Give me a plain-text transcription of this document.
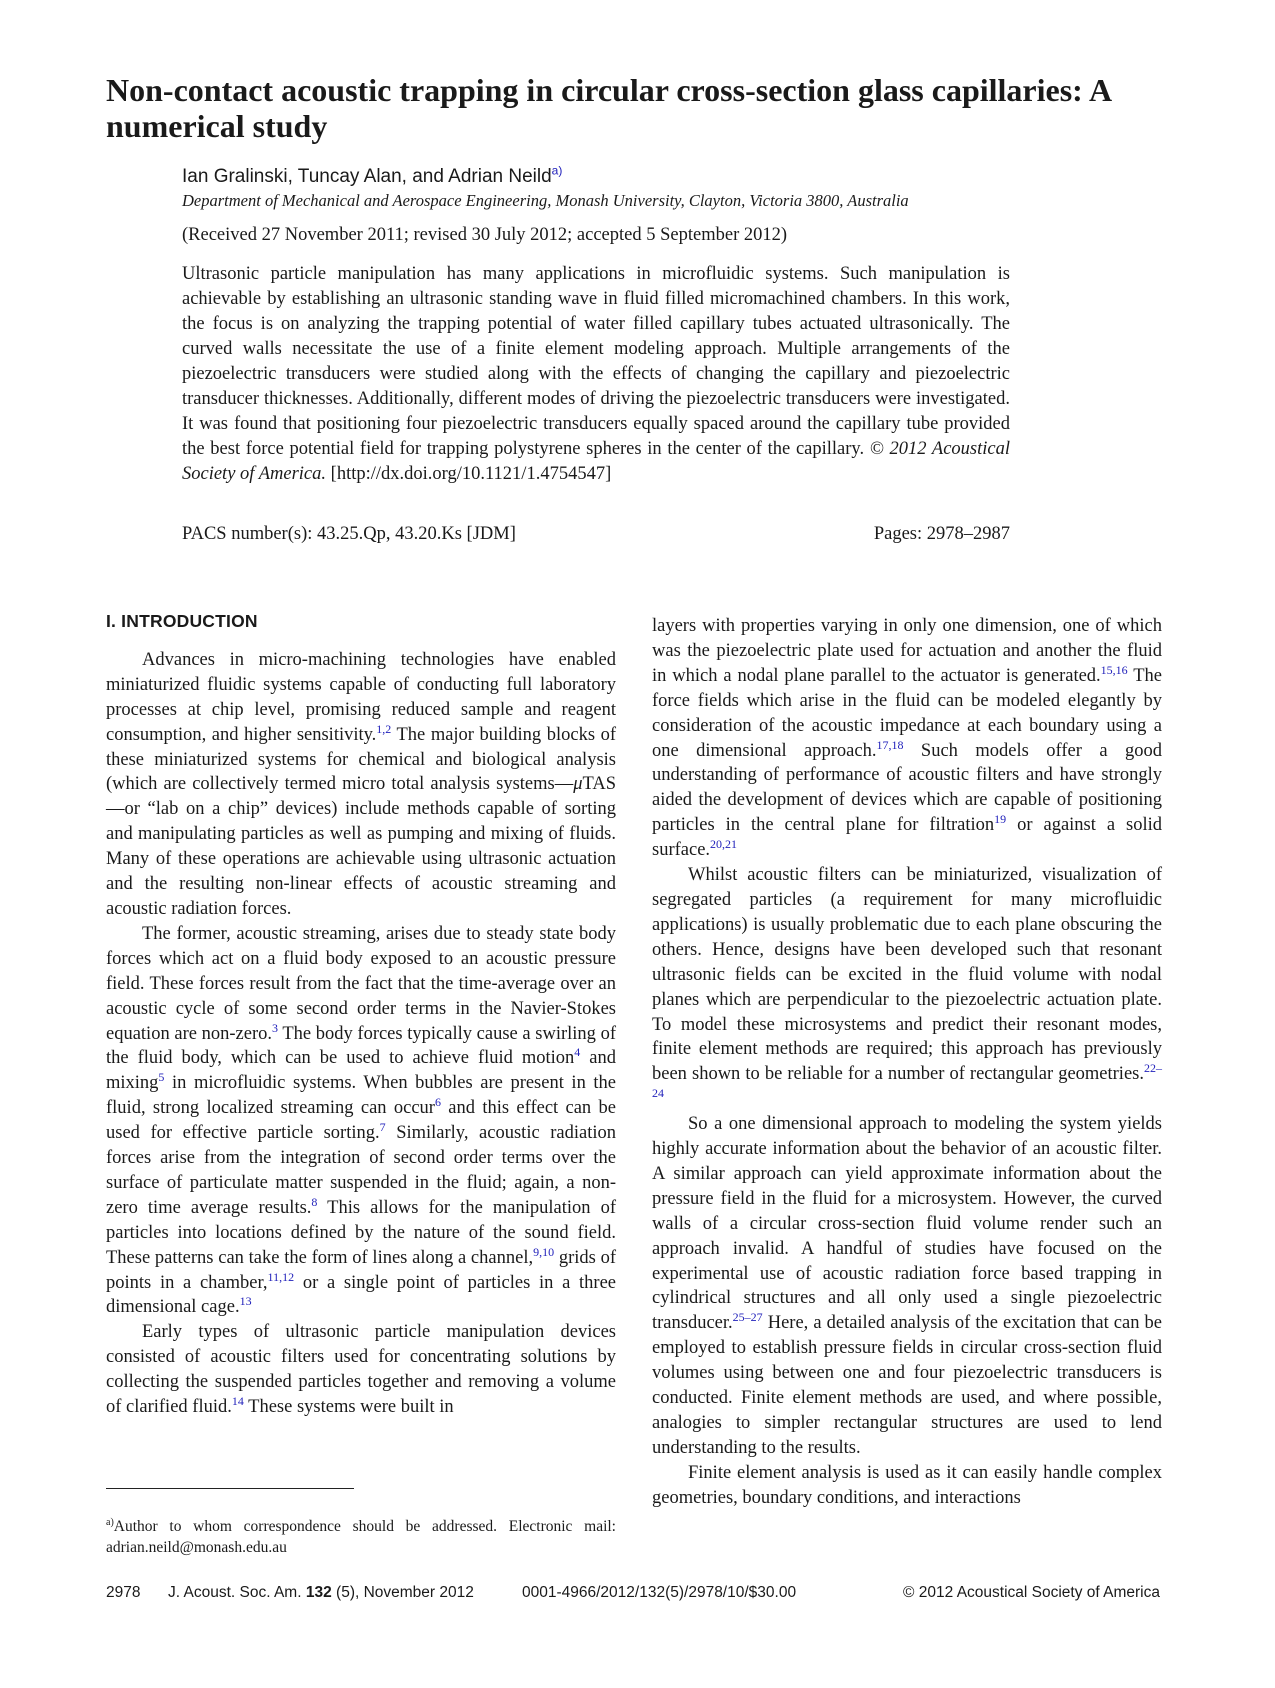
Non-contact acoustic trapping in circular cross-section glass capillaries: A numerical study
Ian Gralinski, Tuncay Alan, and Adrian Neild$^{a)}$
Department of Mechanical and Aerospace Engineering, Monash University, Clayton, Victoria 3800, Australia
(Received 27 November 2011; revised 30 July 2012; accepted 5 September 2012)

Ultrasonic particle manipulation has many applications in microfluidic systems. Such manipulation is achievable by establishing an ultrasonic standing wave in fluid filled micromachined chambers. In this work, the focus is on analyzing the trapping potential of water filled capillary tubes actuated ultrasonically. The curved walls necessitate the use of a finite element modeling approach. Multiple arrangements of the piezoelectric transducers were studied along with the effects of changing the capillary and piezoelectric transducer thicknesses. Additionally, different modes of driving the piezoelectric transducers were investigated. It was found that positioning four piezoelectric transducers equally spaced around the capillary tube provided the best force potential field for trapping polystyrene spheres in the center of the capillary. © 2012 Acoustical Society of America. [http://dx.doi.org/10.1121/1.4754547]

PACS number(s): 43.25.Qp, 43.20.Ks [JDM]	Pages: 2978–2987
I. INTRODUCTION

Advances in micro-machining technologies have enabled miniaturized fluidic systems capable of conducting full laboratory processes at chip level, promising reduced sample and reagent consumption, and higher sensitivity.$^{1,2}$ The major building blocks of these miniaturized systems for chemical and biological analysis (which are collectively termed micro total analysis systems—μTAS—or “lab on a chip” devices) include methods capable of sorting and manipulating particles as well as pumping and mixing of fluids. Many of these operations are achievable using ultrasonic actuation and the resulting non-linear effects of acoustic streaming and acoustic radiation forces.

The former, acoustic streaming, arises due to steady state body forces which act on a fluid body exposed to an acoustic pressure field. These forces result from the fact that the time-average over an acoustic cycle of some second order terms in the Navier-Stokes equation are non-zero.$^3$ The body forces typically cause a swirling of the fluid body, which can be used to achieve fluid motion$^4$ and mixing$^5$ in microfluidic systems. When bubbles are present in the fluid, strong localized streaming can occur$^6$ and this effect can be used for effective particle sorting.$^7$ Similarly, acoustic radiation forces arise from the integration of second order terms over the surface of particulate matter suspended in the fluid; again, a non-zero time average results.$^8$ This allows for the manipulation of particles into locations defined by the nature of the sound field. These patterns can take the form of lines along a channel,$^{9,10}$ grids of points in a chamber,$^{11,12}$ or a single point of particles in a three dimensional cage.$^{13}$

Early types of ultrasonic particle manipulation devices consisted of acoustic filters used for concentrating solutions by collecting the suspended particles together and removing a volume of clarified fluid.$^{14}$ These systems were built in

layers with properties varying in only one dimension, one of which was the piezoelectric plate used for actuation and another the fluid in which a nodal plane parallel to the actuator is generated.$^{15,16}$ The force fields which arise in the fluid can be modeled elegantly by consideration of the acoustic impedance at each boundary using a one dimensional approach.$^{17,18}$ Such models offer a good understanding of performance of acoustic filters and have strongly aided the development of devices which are capable of positioning particles in the central plane for filtration$^{19}$ or against a solid surface.$^{20,21}$

Whilst acoustic filters can be miniaturized, visualization of segregated particles (a requirement for many microfluidic applications) is usually problematic due to each plane obscuring the others. Hence, designs have been developed such that resonant ultrasonic fields can be excited in the fluid volume with nodal planes which are perpendicular to the piezoelectric actuation plate. To model these microsystems and predict their resonant modes, finite element methods are required; this approach has previously been shown to be reliable for a number of rectangular geometries.$^{22-24}$

So a one dimensional approach to modeling the system yields highly accurate information about the behavior of an acoustic filter. A similar approach can yield approximate information about the pressure field in the fluid for a microsystem. However, the curved walls of a circular cross-section fluid volume render such an approach invalid. A handful of studies have focused on the experimental use of acoustic radiation force based trapping in cylindrical structures and all only used a single piezoelectric transducer.$^{25-27}$ Here, a detailed analysis of the excitation that can be employed to establish pressure fields in circular cross-section fluid volumes using between one and four piezoelectric transducers is conducted. Finite element methods are used, and where possible, analogies to simpler rectangular structures are used to lend understanding to the results.

Finite element analysis is used as it can easily handle complex geometries, boundary conditions, and interactions

$^{a)}$Author to whom correspondence should be addressed. Electronic mail: adrian.neild@monash.edu.au
2978 J. Acoust. Soc. Am. 132 (5), November 2012	0001-4966/2012/132(5)/2978/10/$30.00	© 2012 Acoustical Society of America
